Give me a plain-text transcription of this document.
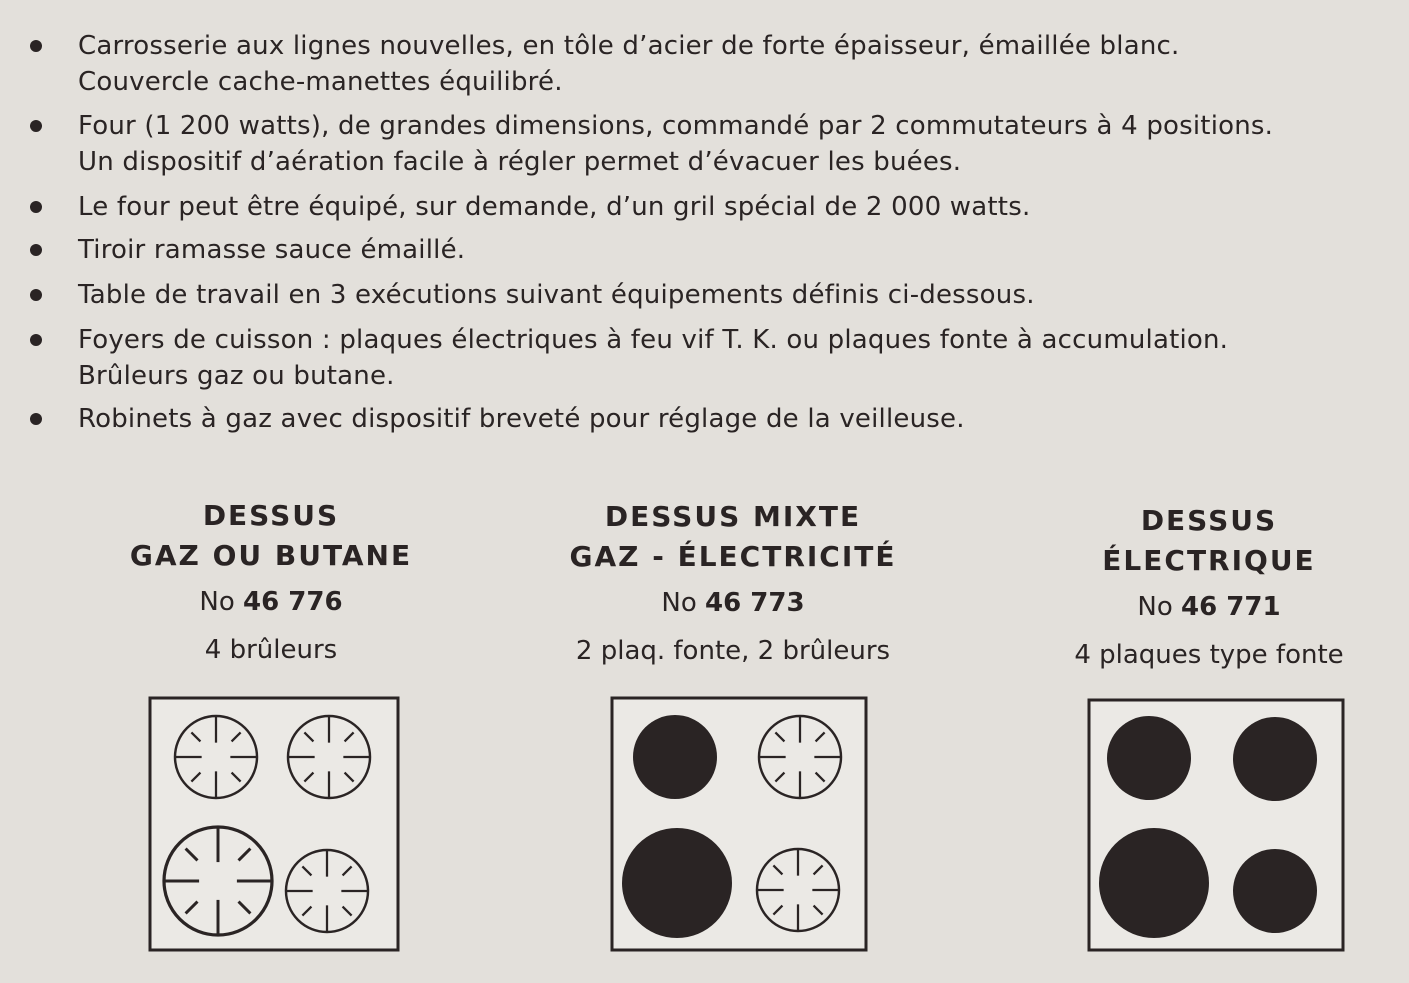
Carrosserie aux lignes nouvelles, en tôle d’acier de forte épaisseur, émaillée blanc.
Couvercle cache-manettes équilibré.
Four (1 200 watts), de grandes dimensions, commandé par 2 commutateurs à 4 positions.
Un dispositif d’aération facile à régler permet d’évacuer les buées.
Le four peut être équipé, sur demande, d’un gril spécial de 2 000 watts.
Tiroir ramasse sauce émaillé.
Table de travail en 3 exécutions suivant équipements définis ci-dessous.
Foyers de cuisson : plaques électriques à feu vif T. K. ou plaques fonte à accumulation.
Brûleurs gaz ou butane.
Robinets à gaz avec dispositif breveté pour réglage de la veilleuse.
DESSUS
GAZ OU BUTANE
No 46 776
4 brûleurs
DESSUS MIXTE
GAZ - ÉLECTRICITÉ
No 46 773
2 plaq. fonte, 2 brûleurs
DESSUS
ÉLECTRIQUE
No 46 771
4 plaques type fonte
